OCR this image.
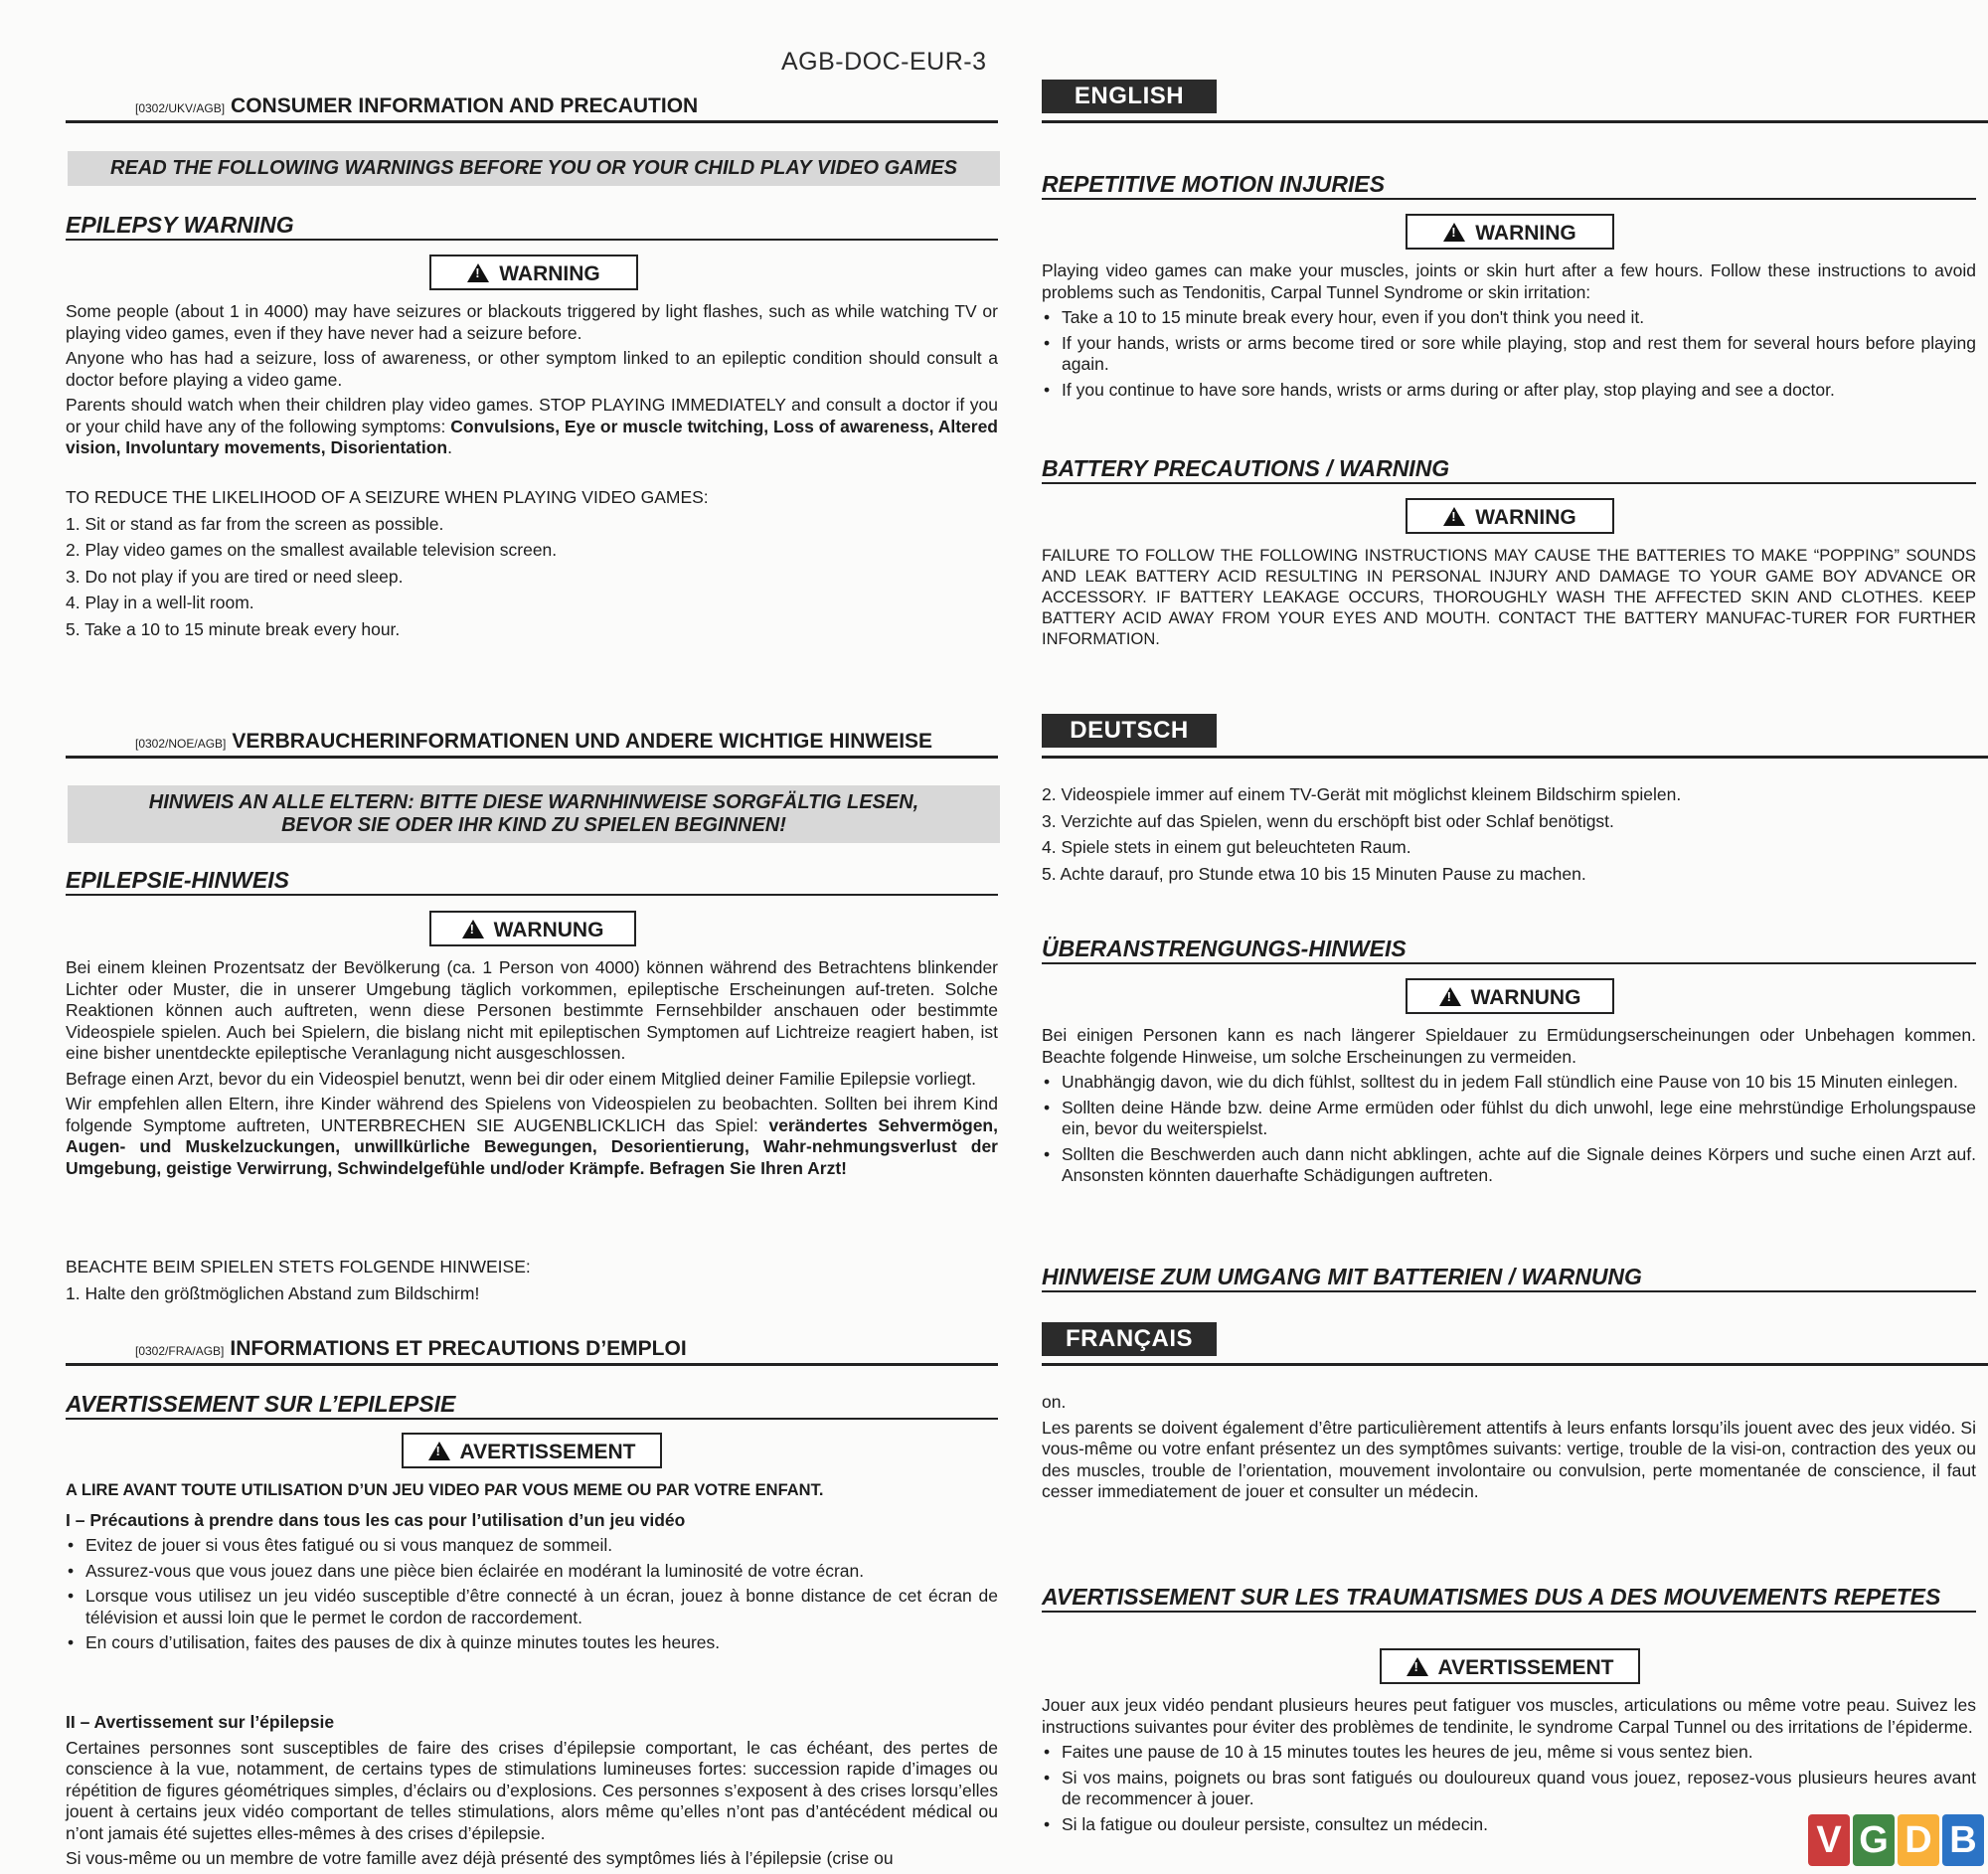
AGB-DOC-EUR-3
[0302/UKV/AGB] CONSUMER INFORMATION AND PRECAUTION	ENGLISH
READ THE FOLLOWING WARNINGS BEFORE YOU OR YOUR CHILD PLAY VIDEO GAMES
EPILEPSY WARNING
!WARNING

Some people (about 1 in 4000) may have seizures or blackouts triggered by light flashes, such as while watching TV or playing video games, even if they have never had a seizure before.

Anyone who has had a seizure, loss of awareness, or other symptom linked to an epileptic condition should consult a doctor before playing a video game.

Parents should watch when their children play video games. STOP PLAYING IMMEDIATELY and consult a doctor if you or your child have any of the following symptoms: Convulsions, Eye or muscle twitching, Loss of awareness, Altered vision, Involuntary movements, Disorientation.

TO REDUCE THE LIKELIHOOD OF A SEIZURE WHEN PLAYING VIDEO GAMES:
1. Sit or stand as far from the screen as possible.
2. Play video games on the smallest available television screen.
3. Do not play if you are tired or need sleep.
4. Play in a well-lit room.
5. Take a 10 to 15 minute break every hour.
REPETITIVE MOTION INJURIES
!WARNING

Playing video games can make your muscles, joints or skin hurt after a few hours. Follow these instructions to avoid problems such as Tendonitis, Carpal Tunnel Syndrome or skin irritation:

• Take a 10 to 15 minute break every hour, even if you don't think you need it.
• If your hands, wrists or arms become tired or sore while playing, stop and rest them for several hours before playing again.
• If you continue to have sore hands, wrists or arms during or after play, stop playing and see a doctor.
BATTERY PRECAUTIONS / WARNING
!WARNING
FAILURE TO FOLLOW THE FOLLOWING INSTRUCTIONS MAY CAUSE THE BATTERIES TO MAKE “POPPING” SOUNDS AND LEAK BATTERY ACID RESULTING IN PERSONAL INJURY AND DAMAGE TO YOUR GAME BOY ADVANCE OR ACCESSORY. IF BATTERY LEAKAGE OCCURS, THOROUGHLY WASH THE AFFECTED SKIN AND CLOTHES. KEEP BATTERY ACID AWAY FROM YOUR EYES AND MOUTH. CONTACT THE BATTERY MANUFAC-TURER FOR FURTHER INFORMATION.
[0302/NOE/AGB] VERBRAUCHERINFORMATIONEN UND ANDERE WICHTIGE HINWEISE	DEUTSCH
HINWEIS AN ALLE ELTERN: BITTE DIESE WARNHINWEISE SORGFÄLTIG LESEN,
BEVOR SIE ODER IHR KIND ZU SPIELEN BEGINNEN!
EPILEPSIE-HINWEIS
!WARNUNG

Bei einem kleinen Prozentsatz der Bevölkerung (ca. 1 Person von 4000) können während des Betrachtens blinkender Lichter oder Muster, die in unserer Umgebung täglich vorkommen, epileptische Erscheinungen auf-treten. Solche Reaktionen können auch auftreten, wenn diese Personen bestimmte Fernsehbilder anschauen oder bestimmte Videospiele spielen. Auch bei Spielern, die bislang nicht mit epileptischen Symptomen auf Lichtreize reagiert haben, ist eine bisher unentdeckte epileptische Veranlagung nicht ausgeschlossen.

Befrage einen Arzt, bevor du ein Videospiel benutzt, wenn bei dir oder einem Mitglied deiner Familie Epilepsie vorliegt.

Wir empfehlen allen Eltern, ihre Kinder während des Spielens von Videospielen zu beobachten. Sollten bei ihrem Kind folgende Symptome auftreten, UNTERBRECHEN SIE AUGENBLICKLICH das Spiel: verändertes Sehvermögen, Augen- und Muskelzuckungen, unwillkürliche Bewegungen, Desorientierung, Wahr-nehmungsverlust der Umgebung, geistige Verwirrung, Schwindelgefühle und/oder Krämpfe. Befragen Sie Ihren Arzt!

BEACHTE BEIM SPIELEN STETS FOLGENDE HINWEISE:
1. Halte den größtmöglichen Abstand zum Bildschirm!
2. Videospiele immer auf einem TV-Gerät mit möglichst kleinem Bildschirm spielen.
3. Verzichte auf das Spielen, wenn du erschöpft bist oder Schlaf benötigst.
4. Spiele stets in einem gut beleuchteten Raum.
5. Achte darauf, pro Stunde etwa 10 bis 15 Minuten Pause zu machen.
ÜBERANSTRENGUNGS-HINWEIS
!WARNUNG

Bei einigen Personen kann es nach längerer Spieldauer zu Ermüdungserscheinungen oder Unbehagen kommen. Beachte folgende Hinweise, um solche Erscheinungen zu vermeiden.

• Unabhängig davon, wie du dich fühlst, solltest du in jedem Fall stündlich eine Pause von 10 bis 15 Minuten einlegen.
• Sollten deine Hände bzw. deine Arme ermüden oder fühlst du dich unwohl, lege eine mehrstündige Erholungspause ein, bevor du weiterspielst.
• Sollten die Beschwerden auch dann nicht abklingen, achte auf die Signale deines Körpers und suche einen Arzt auf. Ansonsten könnten dauerhafte Schädigungen auftreten.
HINWEISE ZUM UMGANG MIT BATTERIEN / WARNUNG
[0302/FRA/AGB] INFORMATIONS ET PRECAUTIONS D’EMPLOI	FRANÇAIS
AVERTISSEMENT SUR L’EPILEPSIE
!AVERTISSEMENT

A LIRE AVANT TOUTE UTILISATION D’UN JEU VIDEO PAR VOUS MEME OU PAR VOTRE ENFANT.

I – Précautions à prendre dans tous les cas pour l’utilisation d’un jeu vidéo

• Evitez de jouer si vous êtes fatigué ou si vous manquez de sommeil.
• Assurez-vous que vous jouez dans une pièce bien éclairée en modérant la luminosité de votre écran.
• Lorsque vous utilisez un jeu vidéo susceptible d’être connecté à un écran, jouez à bonne distance de cet écran de télévision et aussi loin que le permet le cordon de raccordement.
• En cours d’utilisation, faites des pauses de dix à quinze minutes toutes les heures.

II – Avertissement sur l’épilepsie

Certaines personnes sont susceptibles de faire des crises d’épilepsie comportant, le cas échéant, des pertes de conscience à la vue, notamment, de certains types de stimulations lumineuses fortes: succession rapide d’images ou répétition de figures géométriques simples, d’éclairs ou d’explosions. Ces personnes s’exposent à des crises lorsqu’elles jouent à certains jeux vidéo comportant de telles stimulations, alors même qu’elles n’ont pas d’antécédent médical ou n’ont jamais été sujettes elles-mêmes à des crises d’épilepsie.

Si vous-même ou un membre de votre famille avez déjà présenté des symptômes liés à l’épilepsie (crise ou

on.

Les parents se doivent également d’être particulièrement attentifs à leurs enfants lorsqu’ils jouent avec des jeux vidéo. Si vous-même ou votre enfant présentez un des symptômes suivants: vertige, trouble de la visi-on, contraction des yeux ou des muscles, trouble de l’orientation, mouvement involontaire ou convulsion, perte momentanée de conscience, il faut cesser immediatement de jouer et consulter un médecin.

AVERTISSEMENT SUR LES TRAUMATISMES DUS A DES MOUVEMENTS REPETES
!AVERTISSEMENT

Jouer aux jeux vidéo pendant plusieurs heures peut fatiguer vos muscles, articulations ou même votre peau. Suivez les instructions suivantes pour éviter des problèmes de tendinite, le syndrome Carpal Tunnel ou des irritations de l’épiderme.

• Faites une pause de 10 à 15 minutes toutes les heures de jeu, même si vous sentez bien.
• Si vos mains, poignets ou bras sont fatigués ou douloureux quand vous jouez, reposez-vous plusieurs heures avant de recommencer à jouer.
• Si la fatigue ou douleur persiste, consultez un médecin.	V G D B
